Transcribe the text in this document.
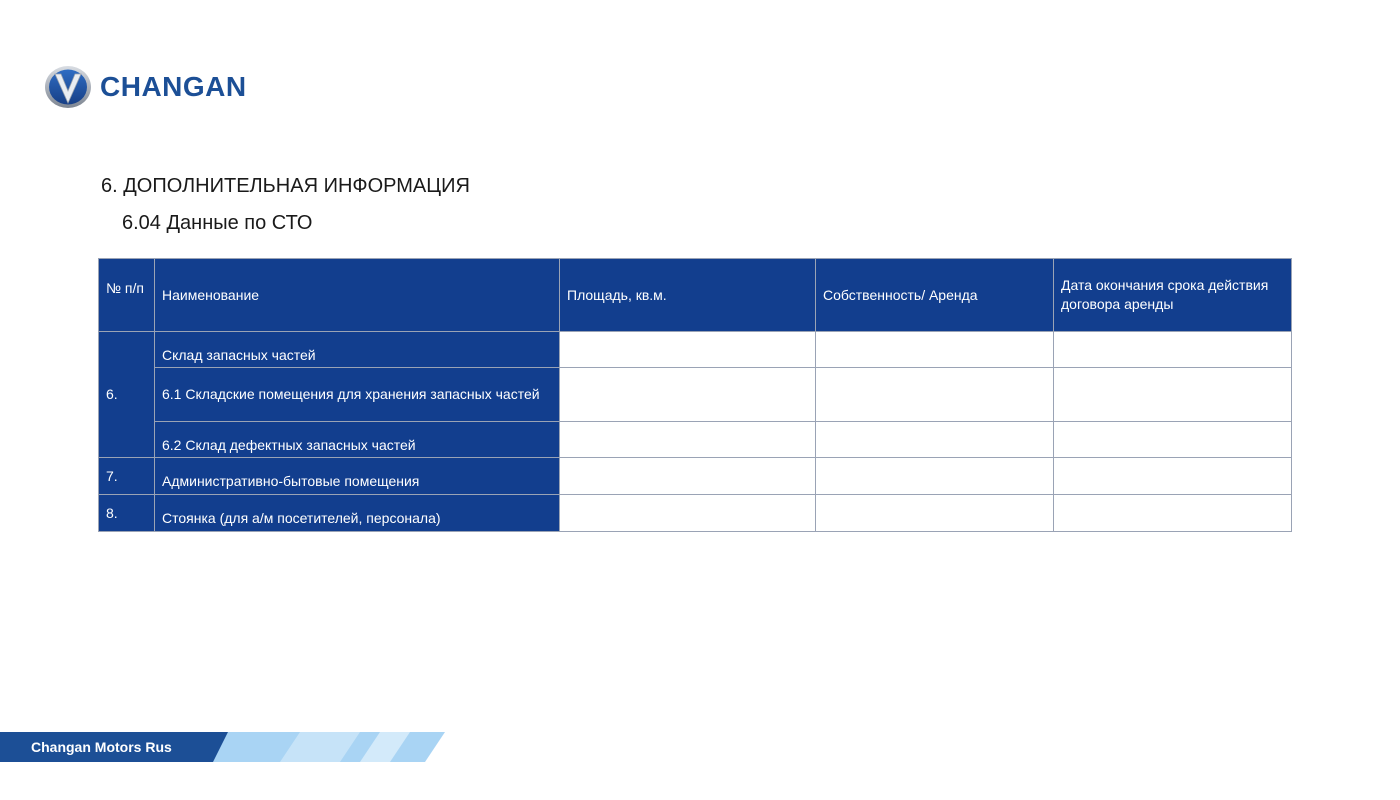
CHANGAN
6. ДОПОЛНИТЕЛЬНАЯ ИНФОРМАЦИЯ
6.04 Данные по СТО
№ п/п	Наименование	Площадь, кв.м.	Собственность/ Аренда	Дата окончания срока действия договора аренды
6.	Склад запасных частей			
	6.1 Складские помещения для хранения запасных частей			
	6.2 Склад дефектных запасных частей			
7.	Административно-бытовые помещения			
8.	Стоянка (для а/м посетителей, персонала)			
Changan Motors Rus
